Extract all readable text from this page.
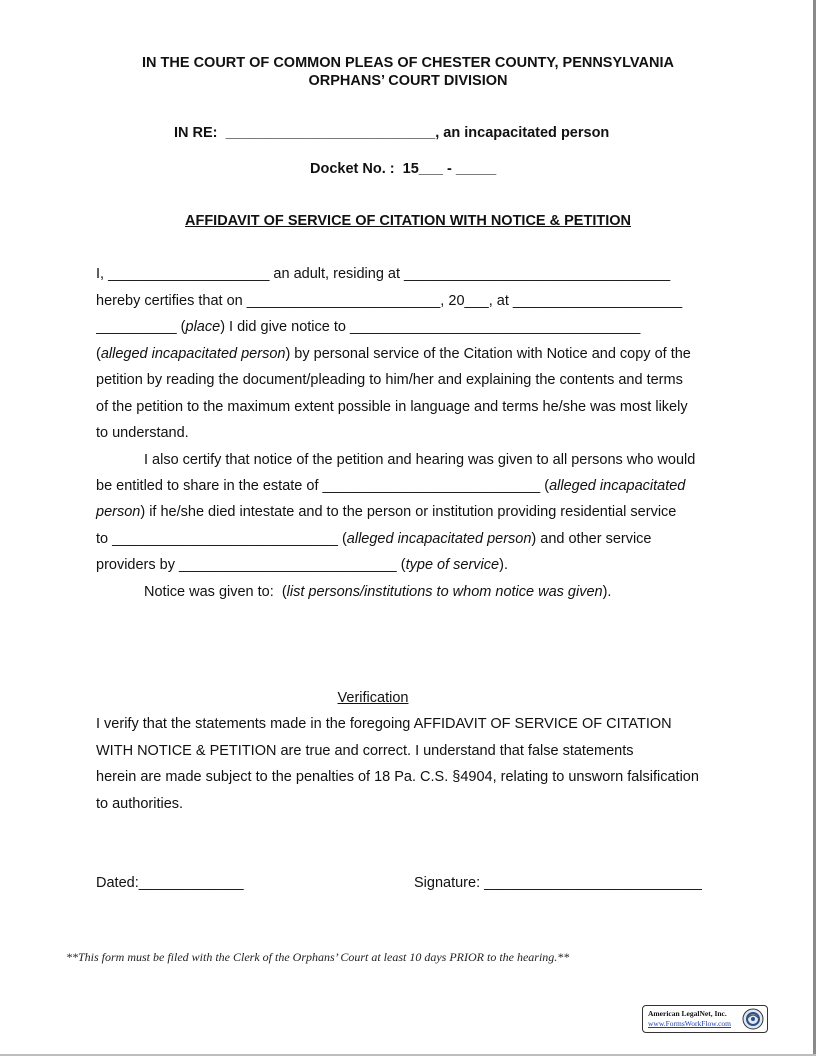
IN THE COURT OF COMMON PLEAS OF CHESTER COUNTY, PENNSYLVANIA
ORPHANS’ COURT DIVISION
IN RE: __________________________, an incapacitated person
Docket No. : 15___ - _____
AFFIDAVIT OF SERVICE OF CITATION WITH NOTICE & PETITION
I, ____________________ an adult, residing at _________________________________
hereby certifies that on ________________________, 20___, at _____________________
__________ (place) I did give notice to ____________________________________
(alleged incapacitated person) by personal service of the Citation with Notice and copy of the
petition by reading the document/pleading to him/her and explaining the contents and terms
of the petition to the maximum extent possible in language and terms he/she was most likely
to understand.
I also certify that notice of the petition and hearing was given to all persons who would
be entitled to share in the estate of ___________________________ (alleged incapacitated
person) if he/she died intestate and to the person or institution providing residential service
to ____________________________ (alleged incapacitated person) and other service
providers by ___________________________ (type of service).
Notice was given to:  (list persons/institutions to whom notice was given).
Verification
I verify that the statements made in the foregoing AFFIDAVIT OF SERVICE OF CITATION
WITH NOTICE & PETITION are true and correct. I understand that false statements
herein are made subject to the penalties of 18 Pa. C.S. §4904, relating to unsworn falsification
to authorities.
Dated:_____________	Signature: ___________________________
**This form must be filed with the Clerk of the Orphans’ Court at least 10 days PRIOR to the hearing.**
American LegalNet, Inc.
www.FormsWorkFlow.com
